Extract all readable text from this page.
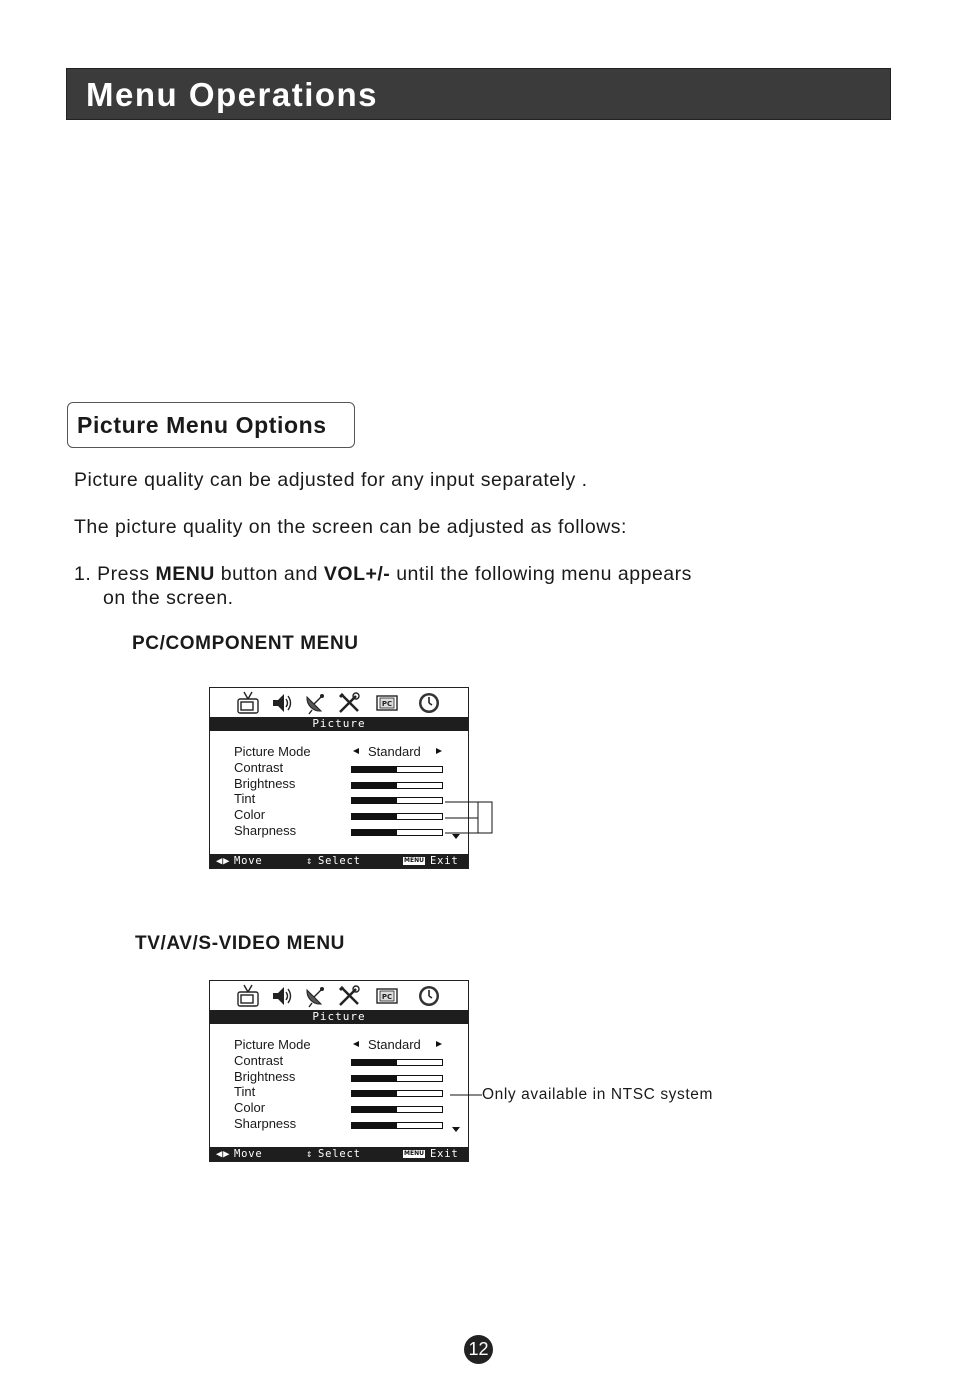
Menu Operations
Picture Menu Options
Picture quality can be adjusted for any input separately .
The picture quality on the screen can be adjusted as follows:
1. Press MENU button and VOL+/- until the following menu appears
on the screen.
PC/COMPONENT MENU
PC
Picture
Picture Mode	Standard
Contrast
Brightness
Tint
Color
Sharpness
◀▶ Move	⇕ Select	MENU Exit
TV/AV/S-VIDEO MENU
PC
Picture
Picture Mode	Standard
Contrast
Brightness
Tint
Color
Sharpness
◀▶ Move	⇕ Select	MENU Exit
Only available in NTSC system
12
